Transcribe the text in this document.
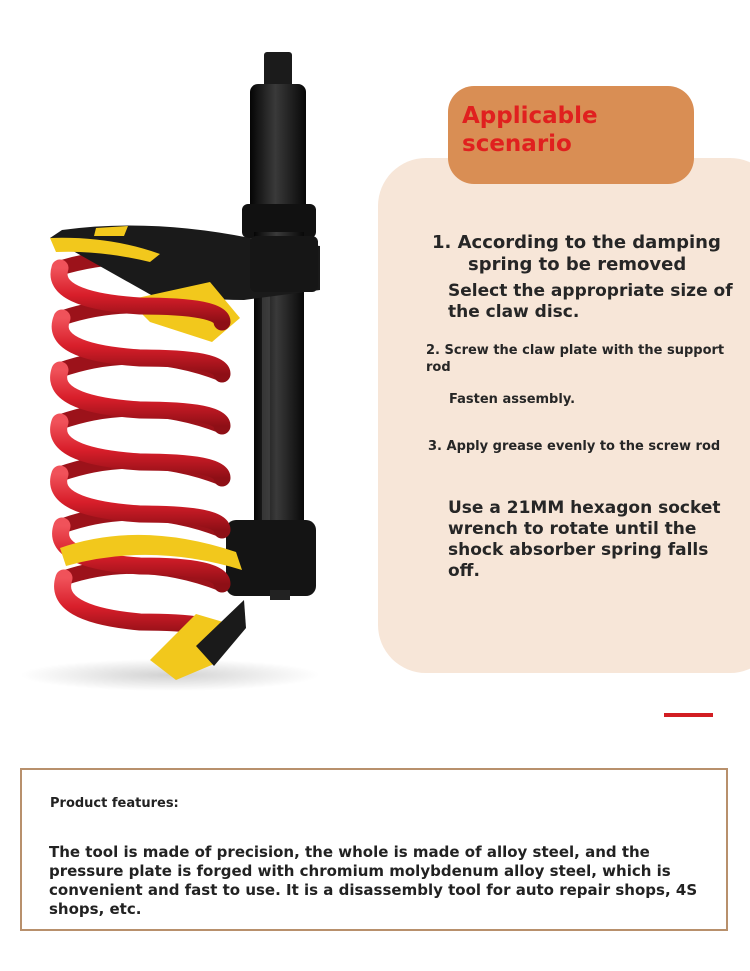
Applicable scenario

1. According to the damping
spring to be removed

Select the appropriate size of the claw disc.

2. Screw the claw plate with the support rod

Fasten assembly.

3. Apply grease evenly to the screw rod

Use a 21MM hexagon socket wrench to rotate until the shock absorber spring falls off.

Product features:

The tool is made of precision, the whole is made of alloy steel, and the pressure plate is forged with chromium molybdenum alloy steel, which is convenient and fast to use. It is a disassembly tool for auto repair shops, 4S shops, etc.
